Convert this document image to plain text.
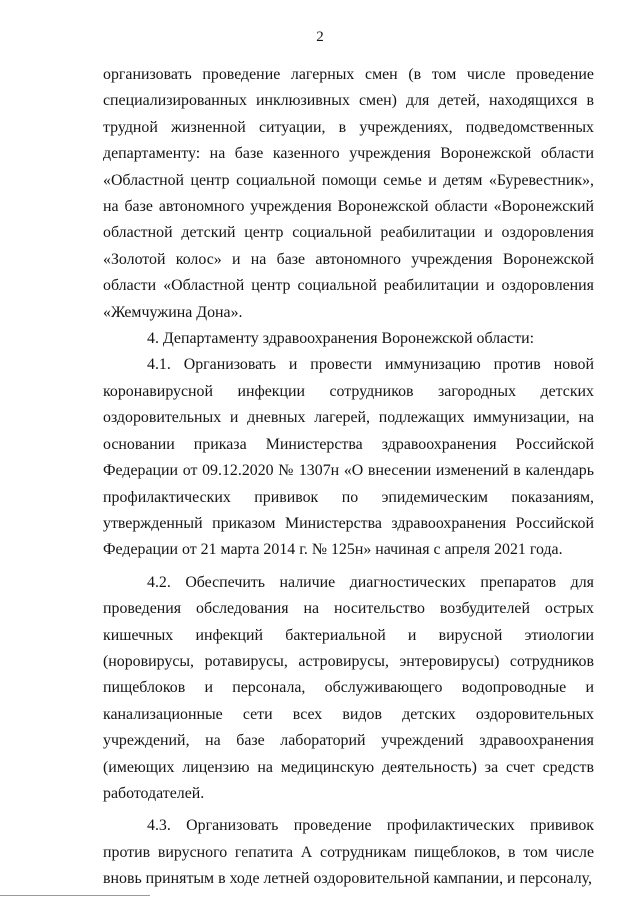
2

организовать проведение лагерных смен (в том числе проведение специализированных инклюзивных смен) для детей, находящихся в трудной жизненной ситуации, в учреждениях, подведомственных департаменту: на базе казенного учреждения Воронежской области «Областной центр социальной помощи семье и детям «Буревестник», на базе автономного учреждения Воронежской области «Воронежский областной детский центр социальной реабилитации и оздоровления «Золотой колос» и на базе автономного учреждения Воронежской области «Областной центр социальной реабилитации и оздоровления «Жемчужина Дона».

4. Департаменту здравоохранения Воронежской области:

4.1. Организовать и провести иммунизацию против новой коронавирусной инфекции сотрудников загородных детских оздоровительных и дневных лагерей, подлежащих иммунизации, на основании приказа Министерства здравоохранения Российской Федерации от 09.12.2020 № 1307н «О внесении изменений в календарь профилактических прививок по эпидемическим показаниям, утвержденный приказом Министерства здравоохранения Российской Федерации от 21 марта 2014 г. № 125н» начиная с апреля 2021 года.

4.2. Обеспечить наличие диагностических препаратов для проведения обследования на носительство возбудителей острых кишечных инфекций бактериальной и вирусной этиологии (норовирусы, ротавирусы, астровирусы, энтеровирусы) сотрудников пищеблоков и персонала, обслуживающего водопроводные и канализационные сети всех видов детских оздоровительных учреждений, на базе лабораторий учреждений здравоохранения (имеющих лицензию на медицинскую деятельность) за счет средств работодателей.

4.3. Организовать проведение профилактических прививок против вирусного гепатита А сотрудникам пищеблоков, в том числе вновь принятым в ходе летней оздоровительной кампании, и персоналу,
